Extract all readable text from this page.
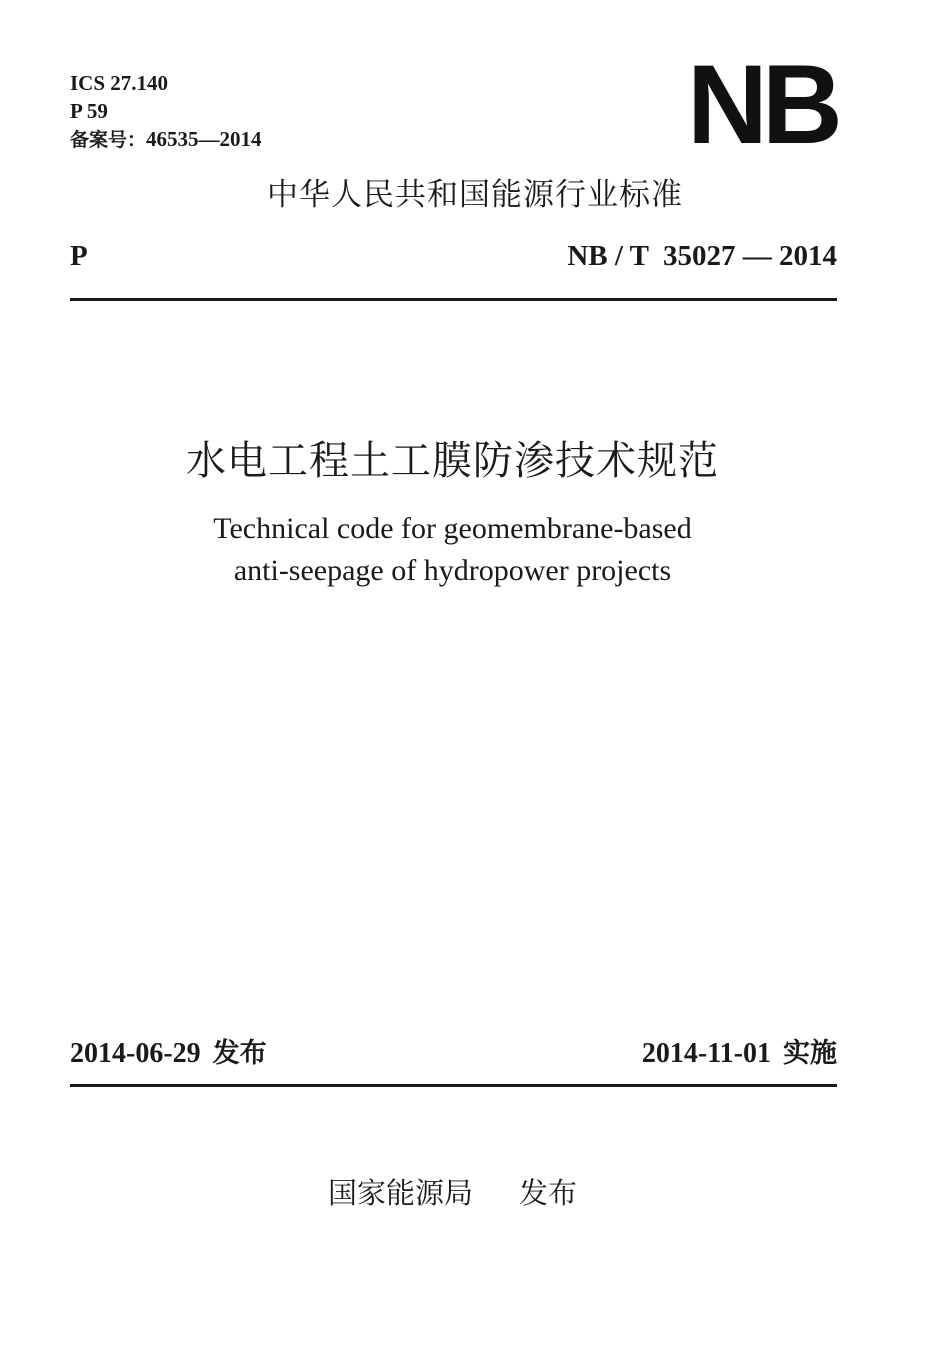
ICS 27.140
P 59
备案号：46535—2014	NB
中华人民共和国能源行业标准
P	NB / T  35027 — 2014
水电工程土工膜防渗技术规范
Technical code for geomembrane-based
anti-seepage of hydropower projects
2014-06-29 发布	2014-11-01 实施
国家能源局 发布
